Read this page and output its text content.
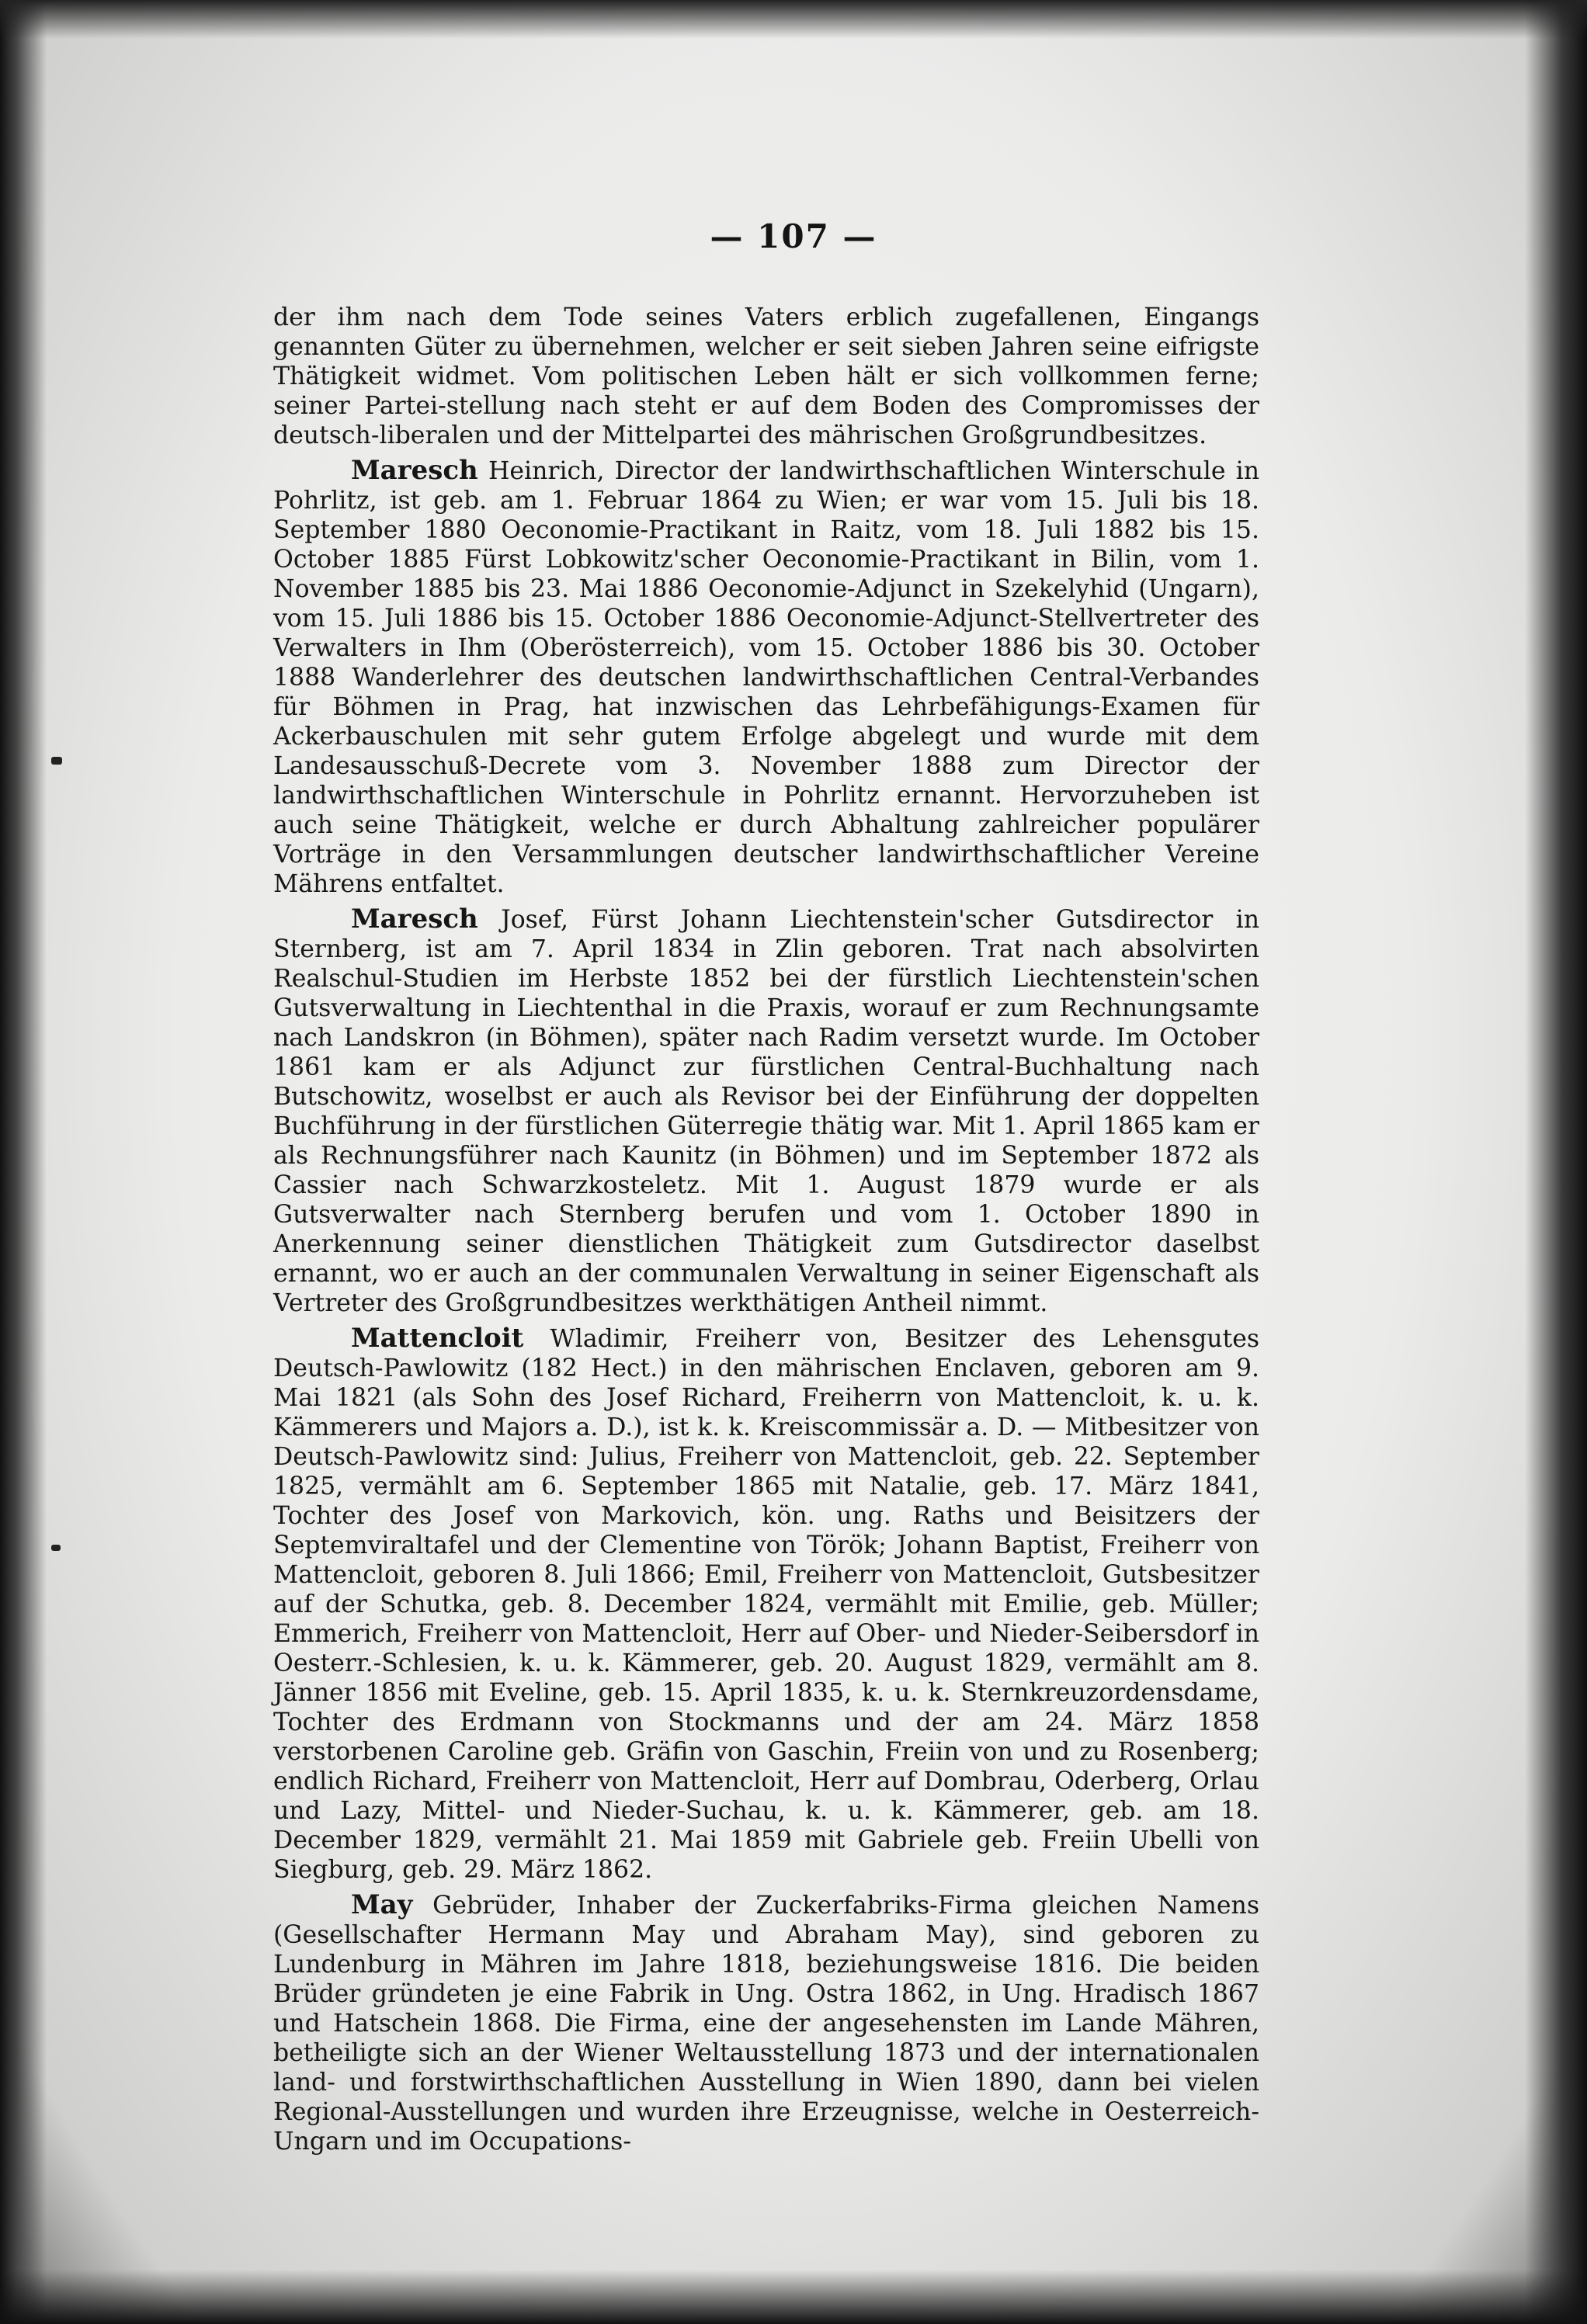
— 107 —

der ihm nach dem Tode seines Vaters erblich zugefallenen, Eingangs genannten Güter zu übernehmen, welcher er seit sieben Jahren seine eifrigste Thätigkeit widmet. Vom politischen Leben hält er sich vollkommen ferne; seiner Partei-stellung nach steht er auf dem Boden des Compromisses der deutsch-liberalen und der Mittelpartei des mährischen Großgrundbesitzes.

Maresch Heinrich, Director der landwirthschaftlichen Winterschule in Pohrlitz, ist geb. am 1. Februar 1864 zu Wien; er war vom 15. Juli bis 18. September 1880 Oeconomie-Practikant in Raitz, vom 18. Juli 1882 bis 15. October 1885 Fürst Lobkowitz'scher Oeconomie-Practikant in Bilin, vom 1. November 1885 bis 23. Mai 1886 Oeconomie-Adjunct in Szekelyhid (Ungarn), vom 15. Juli 1886 bis 15. October 1886 Oeconomie-Adjunct-Stellvertreter des Verwalters in Ihm (Oberösterreich), vom 15. October 1886 bis 30. October 1888 Wanderlehrer des deutschen landwirthschaftlichen Central-Verbandes für Böhmen in Prag, hat inzwischen das Lehrbefähigungs-Examen für Ackerbauschulen mit sehr gutem Erfolge abgelegt und wurde mit dem Landesausschuß-Decrete vom 3. November 1888 zum Director der landwirthschaftlichen Winterschule in Pohrlitz ernannt. Hervorzuheben ist auch seine Thätigkeit, welche er durch Abhaltung zahlreicher populärer Vorträge in den Versammlungen deutscher landwirthschaftlicher Vereine Mährens entfaltet.

Maresch Josef, Fürst Johann Liechtenstein'scher Gutsdirector in Sternberg, ist am 7. April 1834 in Zlin geboren. Trat nach absolvirten Realschul-Studien im Herbste 1852 bei der fürstlich Liechtenstein'schen Gutsverwaltung in Liechtenthal in die Praxis, worauf er zum Rechnungsamte nach Landskron (in Böhmen), später nach Radim versetzt wurde. Im October 1861 kam er als Adjunct zur fürstlichen Central-Buchhaltung nach Butschowitz, woselbst er auch als Revisor bei der Einführung der doppelten Buchführung in der fürstlichen Güterregie thätig war. Mit 1. April 1865 kam er als Rechnungsführer nach Kaunitz (in Böhmen) und im September 1872 als Cassier nach Schwarzkosteletz. Mit 1. August 1879 wurde er als Gutsverwalter nach Sternberg berufen und vom 1. October 1890 in Anerkennung seiner dienstlichen Thätigkeit zum Gutsdirector daselbst ernannt, wo er auch an der communalen Verwaltung in seiner Eigenschaft als Vertreter des Großgrundbesitzes werkthätigen Antheil nimmt.

Mattencloit Wladimir, Freiherr von, Besitzer des Lehensgutes Deutsch-Pawlowitz (182 Hect.) in den mährischen Enclaven, geboren am 9. Mai 1821 (als Sohn des Josef Richard, Freiherrn von Mattencloit, k. u. k. Kämmerers und Majors a. D.), ist k. k. Kreiscommissär a. D. — Mitbesitzer von Deutsch-Pawlowitz sind: Julius, Freiherr von Mattencloit, geb. 22. September 1825, vermählt am 6. September 1865 mit Natalie, geb. 17. März 1841, Tochter des Josef von Markovich, kön. ung. Raths und Beisitzers der Septemviraltafel und der Clementine von Török; Johann Baptist, Freiherr von Mattencloit, geboren 8. Juli 1866; Emil, Freiherr von Mattencloit, Gutsbesitzer auf der Schutka, geb. 8. December 1824, vermählt mit Emilie, geb. Müller; Emmerich, Freiherr von Mattencloit, Herr auf Ober- und Nieder-Seibersdorf in Oesterr.-Schlesien, k. u. k. Kämmerer, geb. 20. August 1829, vermählt am 8. Jänner 1856 mit Eveline, geb. 15. April 1835, k. u. k. Sternkreuzordensdame, Tochter des Erdmann von Stockmanns und der am 24. März 1858 verstorbenen Caroline geb. Gräfin von Gaschin, Freiin von und zu Rosenberg; endlich Richard, Freiherr von Mattencloit, Herr auf Dombrau, Oderberg, Orlau und Lazy, Mittel- und Nieder-Suchau, k. u. k. Kämmerer, geb. am 18. December 1829, vermählt 21. Mai 1859 mit Gabriele geb. Freiin Ubelli von Siegburg, geb. 29. März 1862.

May Gebrüder, Inhaber der Zuckerfabriks-Firma gleichen Namens (Gesellschafter Hermann May und Abraham May), sind geboren zu Lundenburg in Mähren im Jahre 1818, beziehungsweise 1816. Die beiden Brüder gründeten je eine Fabrik in Ung. Ostra 1862, in Ung. Hradisch 1867 und Hatschein 1868. Die Firma, eine der angesehensten im Lande Mähren, betheiligte sich an der Wiener Weltausstellung 1873 und der internationalen land- und forstwirthschaftlichen Ausstellung in Wien 1890, dann bei vielen Regional-Ausstellungen und wurden ihre Erzeugnisse, welche in Oesterreich-Ungarn und im Occupations-
